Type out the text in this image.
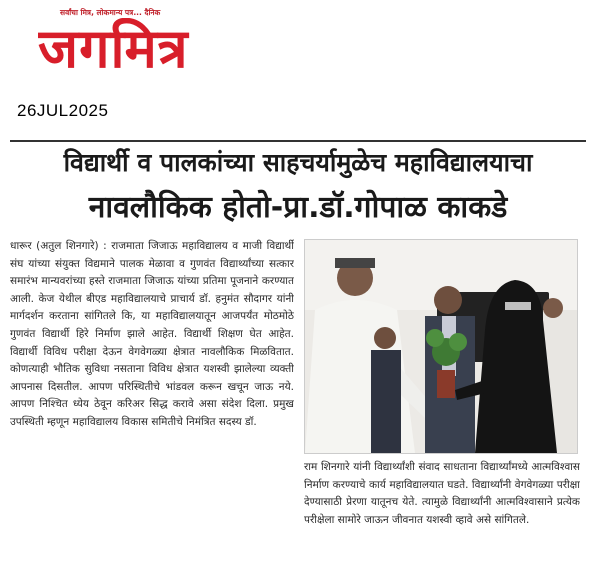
सर्वांचा मित्र, लोकमान्य पत्र... दैनिक
जगमित्र
26JUL2025
विद्यार्थी व पालकांच्या साहचर्यामुळेच महाविद्यालयाचा
नावलौकिक होतो-प्रा.डॉ.गोपाळ काकडे

धारूर (अतुल शिनगारे) : राजमाता जिजाऊ महाविद्यालय व माजी विद्यार्थी संघ यांच्या संयुक्त विद्यमाने पालक मेळावा व गुणवंत विद्यार्थ्यांच्या सत्कार समारंभ मान्यवरांच्या हस्ते राजमाता जिजाऊ यांच्या प्रतिमा पूजनाने करण्यात आली. केज येथील बीएड महाविद्यालयाचे प्राचार्य डॉ. हनुमंत सौदागर यांनी मार्गदर्शन करताना सांगितले कि, या महाविद्यालयातून आजपर्यंत मोठमोठे गुणवंत विद्यार्थी हिरे निर्माण झाले आहेत. विद्यार्थी शिक्षण घेत आहेत. विद्यार्थी विविध परीक्षा देऊन वेगवेगळ्या क्षेत्रात नावलौकिक मिळवितात. कोणत्याही भौतिक सुविधा नसताना विविध क्षेत्रात यशस्वी झालेल्या व्यक्ती आपनास दिसतील. आपण परिस्थितीचे भांडवल करून खचून जाऊ नये. आपण निश्चित ध्येय ठेवून करिअर सिद्ध करावे असा संदेश दिला. प्रमुख उपस्थिती म्हणून महाविद्यालय विकास समितीचे निमंत्रित सदस्य डॉ.

राम शिनगारे यांनी विद्यार्थ्यांशी संवाद साधताना विद्यार्थ्यांमध्ये आत्मविश्वास निर्माण करण्याचे कार्य महाविद्यालयात घडते. विद्यार्थ्यांनी वेगवेगळ्या परीक्षा देण्यासाठी प्रेरणा यातूनच येते. त्यामुळे विद्यार्थ्यांनी आत्मविश्वासाने प्रत्येक परीक्षेला सामोरे जाऊन जीवनात यशस्वी व्हावे असे सांगितले.
